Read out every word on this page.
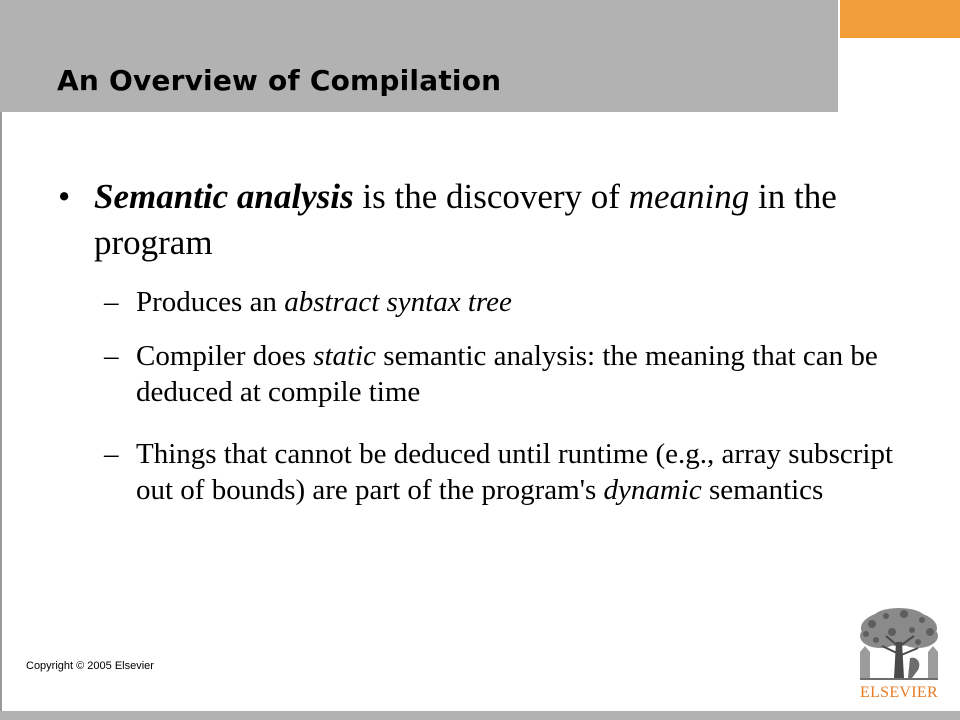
An Overview of Compilation
• Semantic analysis is the discovery of meaning in the program
– Produces an abstract syntax tree
– Compiler does static semantic analysis: the meaning that can be deduced at compile time
– Things that cannot be deduced until runtime (e.g., array subscript out of bounds) are part of the program's dynamic semantics
Copyright © 2005 Elsevier
ELSEVIER
